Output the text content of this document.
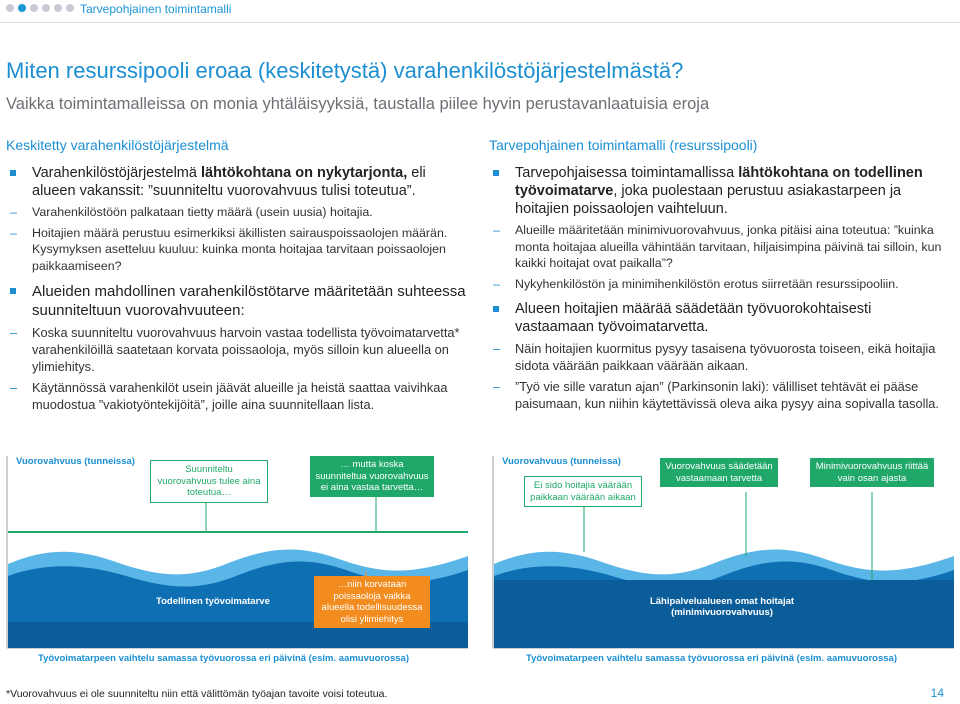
Tarvepohjainen toimintamalli
Miten resurssipooli eroaa (keskitetystä) varahenkilöstöjärjestelmästä?
Vaikka toimintamalleissa on monia yhtäläisyyksiä, taustalla piilee hyvin perustavanlaatuisia eroja
Keskitetty varahenkilöstöjärjestelmä
Varahenkilöstöjärjestelmä lähtökohtana on nykytarjonta, eli alueen vakanssit: ”suunniteltu vuorovahvuus tulisi toteutua”.
– Varahenkilöstöön palkataan tietty määrä (usein uusia) hoitajia.
– Hoitajien määrä perustuu esimerkiksi äkillisten sairauspoissaolojen määrän. Kysymyksen asetteluu kuuluu: kuinka monta hoitajaa tarvitaan poissaolojen paikkaamiseen?
Alueiden mahdollinen varahenkilöstötarve määritetään suhteessa suunniteltuun vuorovahvuuteen:
– Koska suunniteltu vuorovahvuus harvoin vastaa todellista työvoimatarvetta* varahenkilöillä saatetaan korvata poissaoloja, myös silloin kun alueella on ylimiehitys.
– Käytännössä varahenkilöt usein jäävät alueille ja heistä saattaa vaivihkaa muodostua ”vakiotyöntekijöitä”, joille aina suunnitellaan lista.
Tarvepohjainen toimintamalli (resurssipooli)
Tarvepohjaisessa toimintamallissa lähtökohtana on todellinen työvoimatarve, joka puolestaan perustuu asiakastarpeen ja hoitajien poissaolojen vaihteluun.
– Alueille määritetään minimivuorovahvuus, jonka pitäisi aina toteutua: ”kuinka monta hoitajaa alueilla vähintään tarvitaan, hiljaisimpina päivinä tai silloin, kun kaikki hoitajat ovat paikalla”?
– Nykyhenkilöstön ja minimihenkilöstön erotus siirretään resurssipooliin.
Alueen hoitajien määrää säädetään työvuorokohtaisesti vastaamaan työvoimatarvetta.
– Näin hoitajien kuormitus pysyy tasaisena työvuorosta toiseen, eikä hoitajia sidota väärään paikkaan väärään aikaan.
– ”Työ vie sille varatun ajan” (Parkinsonin laki): välilliset tehtävät ei pääse paisumaan, kun niihin käytettävissä oleva aika pysyy aina sopivalla tasolla.
Vuorovahvuus (tunneissa)
Suunniteltu vuorovahvuus tulee aina toteutua…
… mutta koska suunniteltua vuorovahvuus ei aina vastaa tarvetta…
Todellinen työvoimatarve
…niin korvataan poissaoloja vaikka alueella todellisuudessa olisi ylimiehitys
Työvoimatarpeen vaihtelu samassa työvuorossa eri päivinä (esim. aamuvuorossa)
Vuorovahvuus (tunneissa)
Ei sido hoitajia väärään paikkaan väärään aikaan
Vuorovahvuus säädetään vastaamaan tarvetta
Minimivuorovahvuus riittää vain osan ajasta
Lähipalvelualueen omat hoitajat
(minimivuorovahvuus)
Työvoimatarpeen vaihtelu samassa työvuorossa eri päivinä (esim. aamuvuorossa)
*Vuorovahvuus ei ole suunniteltu niin että välittömän työajan tavoite voisi toteutua.	14
